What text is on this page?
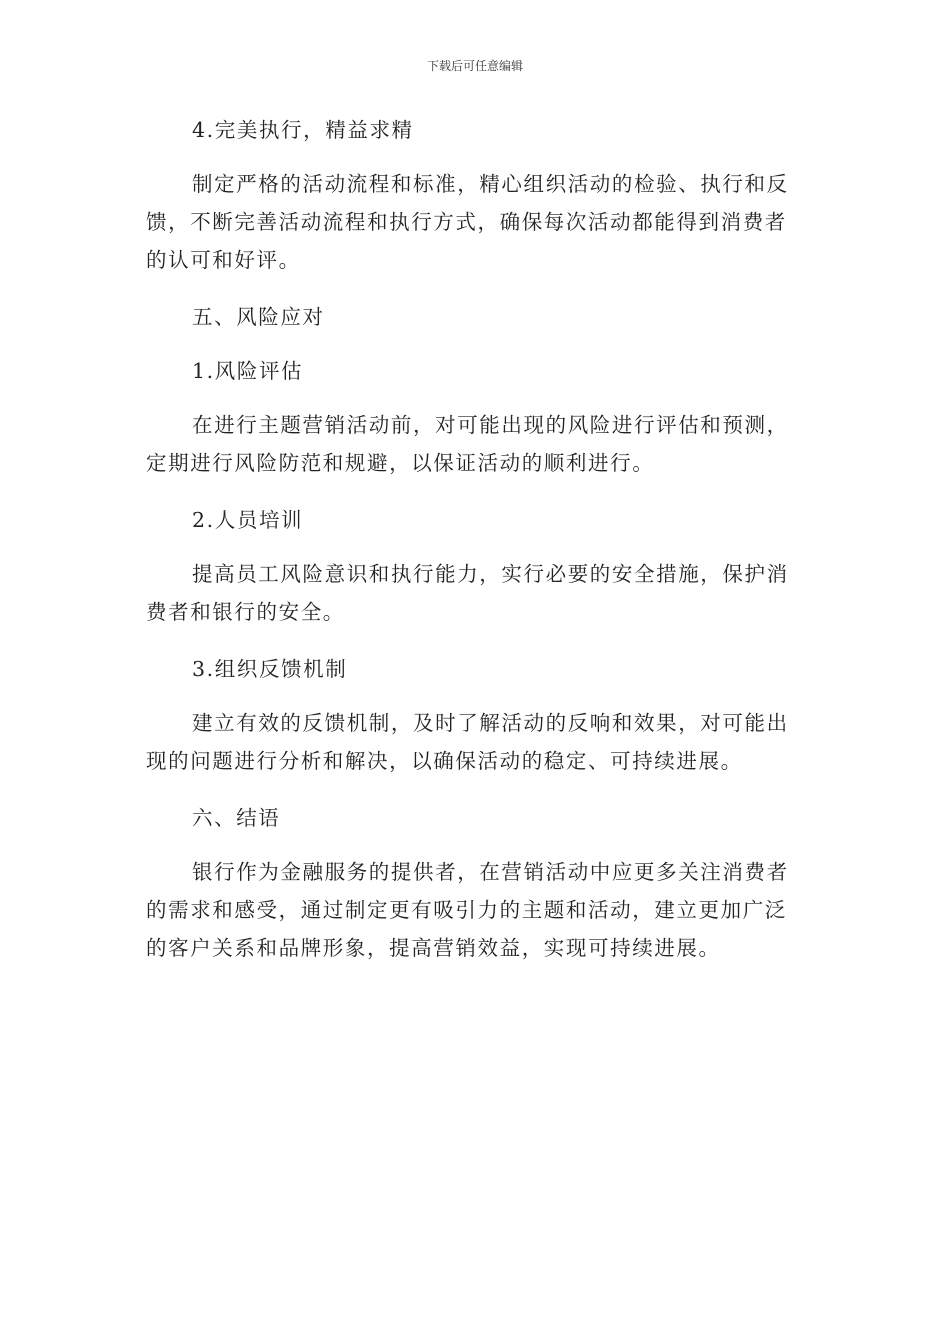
下载后可任意编辑

4.完美执行，精益求精

制定严格的活动流程和标准，精心组织活动的检验、执行和反馈，不断完善活动流程和执行方式，确保每次活动都能得到消费者的认可和好评。

五、风险应对

1.风险评估

在进行主题营销活动前，对可能出现的风险进行评估和预测，定期进行风险防范和规避，以保证活动的顺利进行。

2.人员培训

提高员工风险意识和执行能力，实行必要的安全措施，保护消费者和银行的安全。

3.组织反馈机制

建立有效的反馈机制，及时了解活动的反响和效果，对可能出现的问题进行分析和解决，以确保活动的稳定、可持续进展。

六、结语

银行作为金融服务的提供者，在营销活动中应更多关注消费者的需求和感受，通过制定更有吸引力的主题和活动，建立更加广泛的客户关系和品牌形象，提高营销效益，实现可持续进展。
